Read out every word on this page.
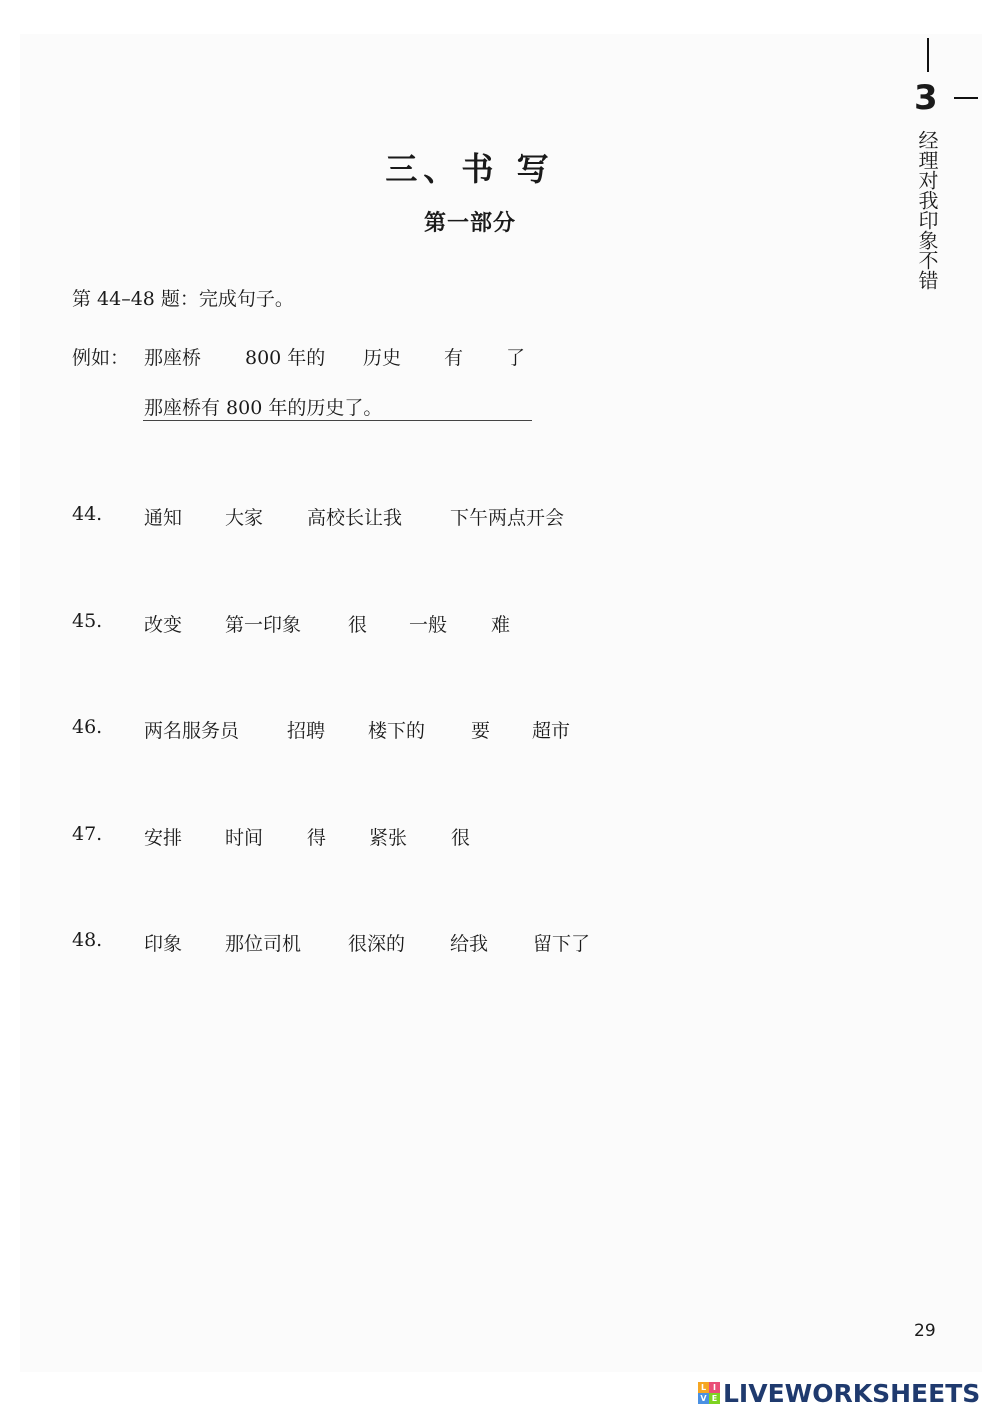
三、书 写
第一部分
第 44–48 题：完成句子。
例如： 那座桥 800 年的 历史 有 了
那座桥有 800 年的历史了。
44. 通知 大家 高校长让我	下午两点开会
45. 改变 第一印象 很 一般 难
46. 两名服务员	招聘 楼下的 要 超市
47. 安排 时间 得 紧张 很
48. 印象 那位司机 很深的 给我 留下了
3
经理对我印象不错
29
L I
V E LIVEWORKSHEETS
